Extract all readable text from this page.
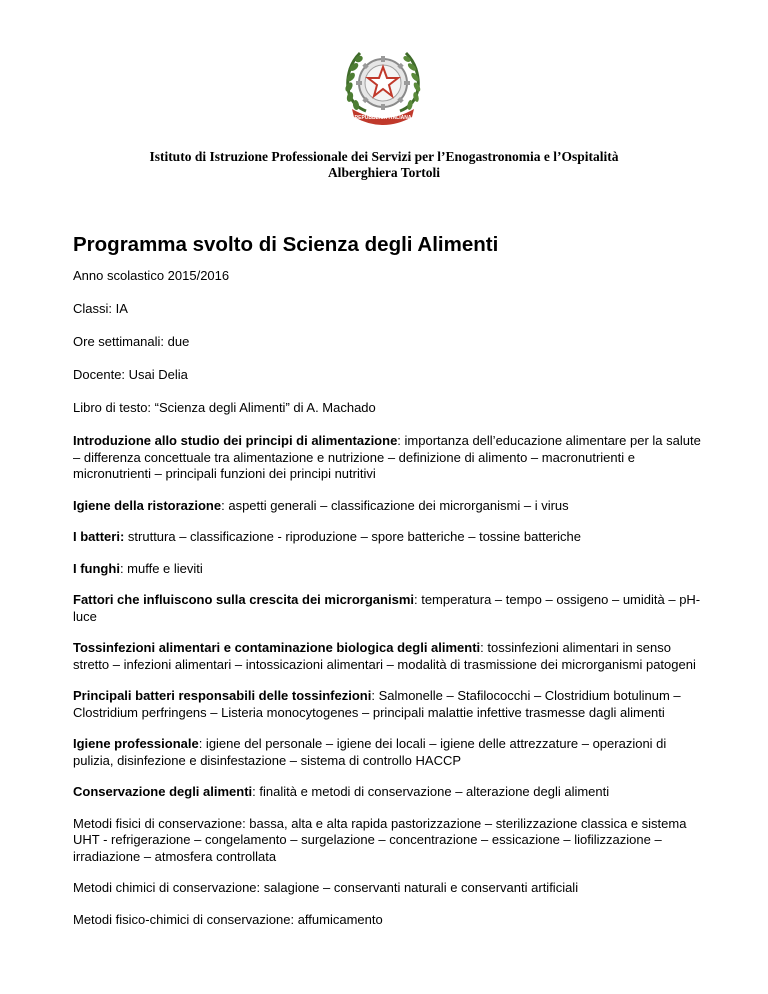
REPUBBLICA ITALIANA
Istituto di Istruzione Professionale dei Servizi per l’Enogastronomia e l’Ospitalità
Alberghiera Tortoli
Programma svolto di Scienza degli Alimenti

Anno scolastico 2015/2016

Classi: IA

Ore settimanali: due

Docente: Usai Delia

Libro di testo: “Scienza degli Alimenti” di A. Machado

Introduzione allo studio dei principi di alimentazione: importanza dell’educazione alimentare per la salute – differenza concettuale tra alimentazione e nutrizione – definizione di alimento – macronutrienti e micronutrienti – principali funzioni dei principi nutritivi

Igiene della ristorazione: aspetti generali – classificazione dei microrganismi – i virus

I batteri: struttura – classificazione - riproduzione – spore batteriche – tossine batteriche

I funghi: muffe e lieviti

Fattori che influiscono sulla crescita dei microrganismi: temperatura – tempo – ossigeno – umidità – pH- luce

Tossinfezioni alimentari e contaminazione biologica degli alimenti: tossinfezioni alimentari in senso stretto – infezioni alimentari – intossicazioni alimentari – modalità di trasmissione dei microrganismi patogeni

Principali batteri responsabili delle tossinfezioni: Salmonelle – Stafilococchi – Clostridium botulinum – Clostridium perfringens – Listeria monocytogenes – principali malattie infettive trasmesse dagli alimenti

Igiene professionale: igiene del personale – igiene dei locali – igiene delle attrezzature – operazioni di pulizia, disinfezione e disinfestazione – sistema di controllo HACCP

Conservazione degli alimenti: finalità e metodi di conservazione – alterazione degli alimenti

Metodi fisici di conservazione: bassa, alta e alta rapida pastorizzazione – sterilizzazione classica e sistema UHT - refrigerazione – congelamento – surgelazione – concentrazione – essicazione – liofilizzazione – irradiazione – atmosfera controllata

Metodi chimici di conservazione: salagione – conservanti naturali e conservanti artificiali

Metodi fisico-chimici di conservazione: affumicamento
